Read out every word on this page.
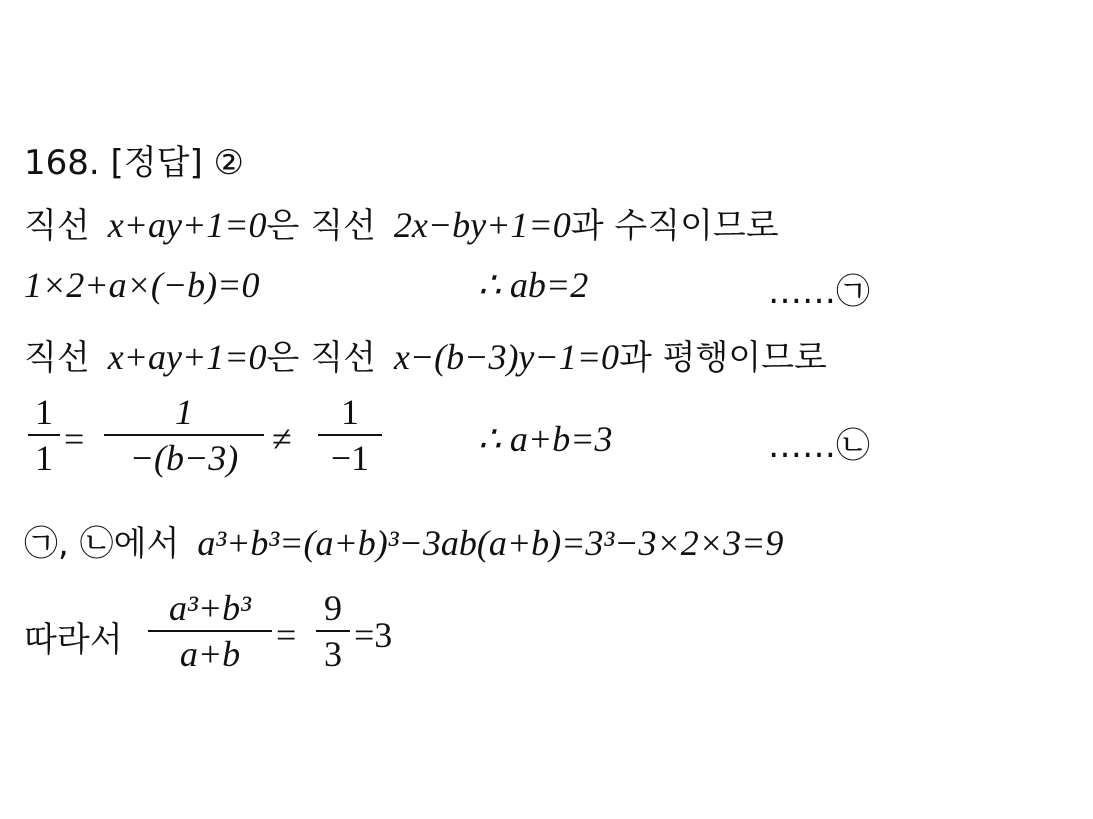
168. [정답] ②
직선 x+ay+1=0은 직선 2x−by+1=0과 수직이므로
1×2+a×(−b)=0	∴ ab=2	……㉠
직선 x+ay+1=0은 직선 x−(b−3)y−1=0과 평행이므로
1
1 =
1
−(b−3) ≠
1
−1	∴ a+b=3	……㉡
㉠, ㉡에서 a³+b³=(a+b)³−3ab(a+b)=3³−3×2×3=9
따라서
a³+b³
a+b =
9
3 =3
